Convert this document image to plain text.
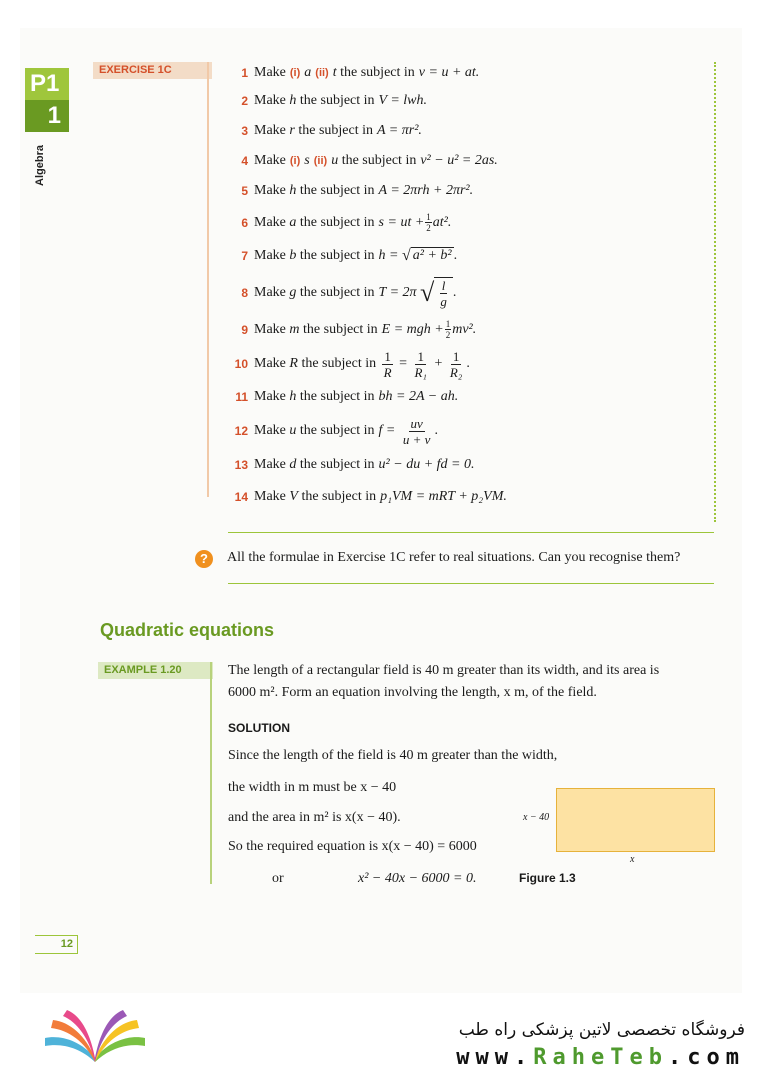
P1
1
Algebra
EXERCISE 1C	1 Make (i) a (ii) t
the subject in v = u + at.
2 Make
h
the subject in V = lwh.
3 Make
r
the subject in A = πr².
4 Make (i) s (ii) u
the subject in v² − u² = 2as.
5 Make
h
the subject in A = 2πrh + 2πr².
6 Make
a
the subject in s = ut + $\frac{1}{2} at^2$.
7 Make
b
the subject in h =
√ a² + b² .
8 Make
g
the subject in T = 2π
√ $\frac{l}{g}$ .
9 Make
m
the subject in E = mgh + $\frac{1}{2} mv^2$.
10 Make
R
the subject in
$\frac{1}{R} = \frac{1}{\text{R₁}} + \frac{1}{\text{R₂}}$ .
11 Make
h
the subject in bh = 2A − ah.
12 Make
u
the subject in f =
$\frac{uv}{u + v}$ .
13 Make
d
the subject in u² − du + fd = 0.
14 Make
V
the subject in p₁VM = mRT + p₂VM.
?	All the formulae in Exercise 1C refer to real situations. Can you recognise them?
Quadratic equations
EXAMPLE 1.20	The length of a rectangular field is 40 m greater than its width, and its area is
6000 m². Form an equation involving the length, x m, of the field.
SOLUTION
Since the length of the field is 40 m greater than the width,
the width in m must be x − 40
and the area in m² is x(x − 40).
So the required equation is x(x − 40) = 6000
or	x² − 40x − 6000 = 0.
x − 40
x
Figure 1.3
12
فروشگاه تخصصی لاتین پزشکی راه طب
www.RaheTeb.com
